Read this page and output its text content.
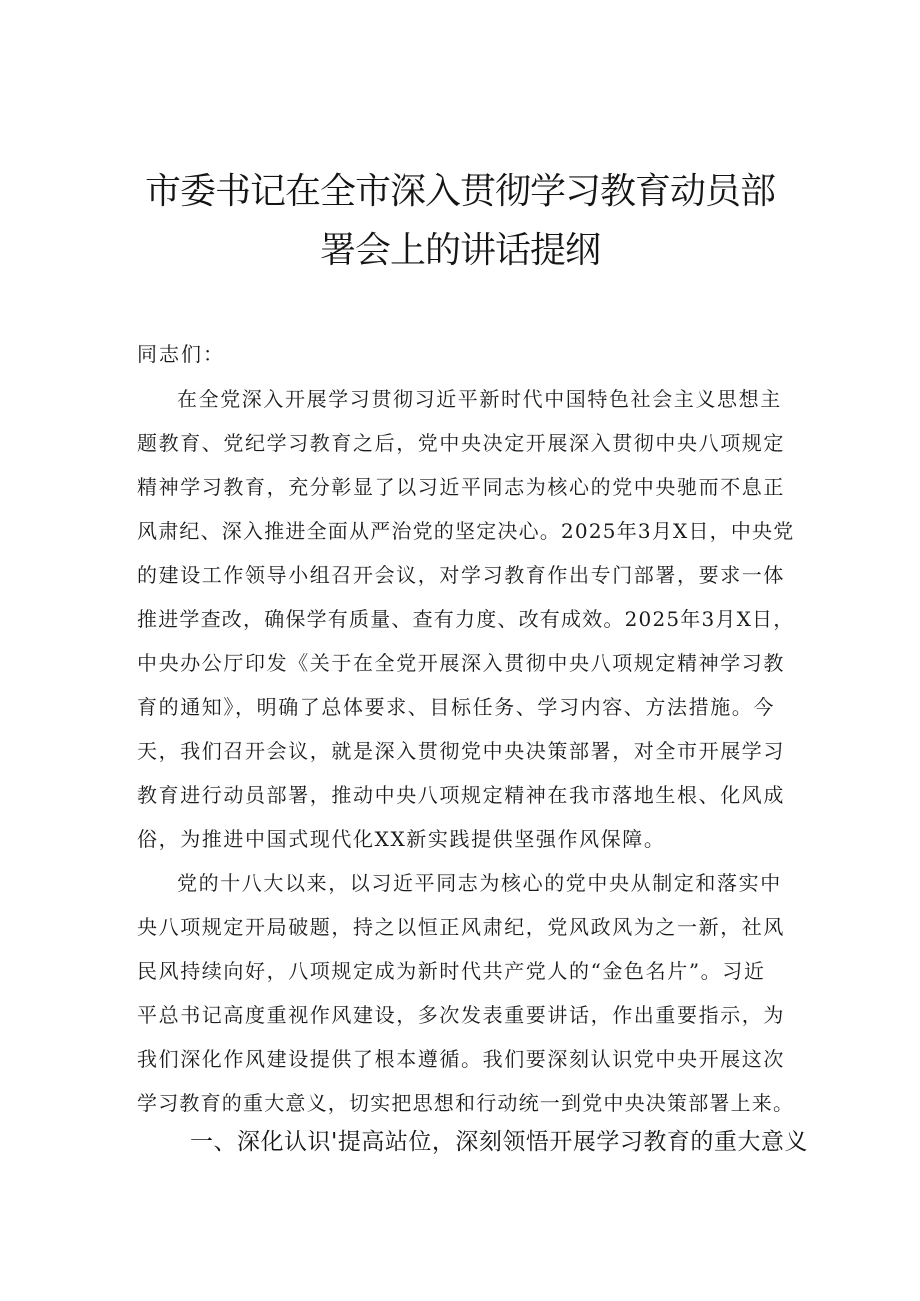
市委书记在全市深入贯彻学习教育动员部
署会上的讲话提纲
同志们：
在全党深入开展学习贯彻习近平新时代中国特色社会主义思想主
题教育、党纪学习教育之后，党中央决定开展深入贯彻中央八项规定
精神学习教育，充分彰显了以习近平同志为核心的党中央驰而不息正
风肃纪、深入推进全面从严治党的坚定决心。2025年3月X日，中央党
的建设工作领导小组召开会议，对学习教育作出专门部署，要求一体
推进学查改，确保学有质量、查有力度、改有成效。2025年3月X日，
中央办公厅印发《关于在全党开展深入贯彻中央八项规定精神学习教
育的通知》，明确了总体要求、目标任务、学习内容、方法措施。今
天，我们召开会议，就是深入贯彻党中央决策部署，对全市开展学习
教育进行动员部署，推动中央八项规定精神在我市落地生根、化风成
俗，为推进中国式现代化XX新实践提供坚强作风保障。
党的十八大以来，以习近平同志为核心的党中央从制定和落实中
央八项规定开局破题，持之以恒正风肃纪，党风政风为之一新，社风
民风持续向好，八项规定成为新时代共产党人的“金色名片”。习近
平总书记高度重视作风建设，多次发表重要讲话，作出重要指示，为
我们深化作风建设提供了根本遵循。我们要深刻认识党中央开展这次
学习教育的重大意义，切实把思想和行动统一到党中央决策部署上来。
一、深化认识'提高站位，深刻领悟开展学习教育的重大意义
